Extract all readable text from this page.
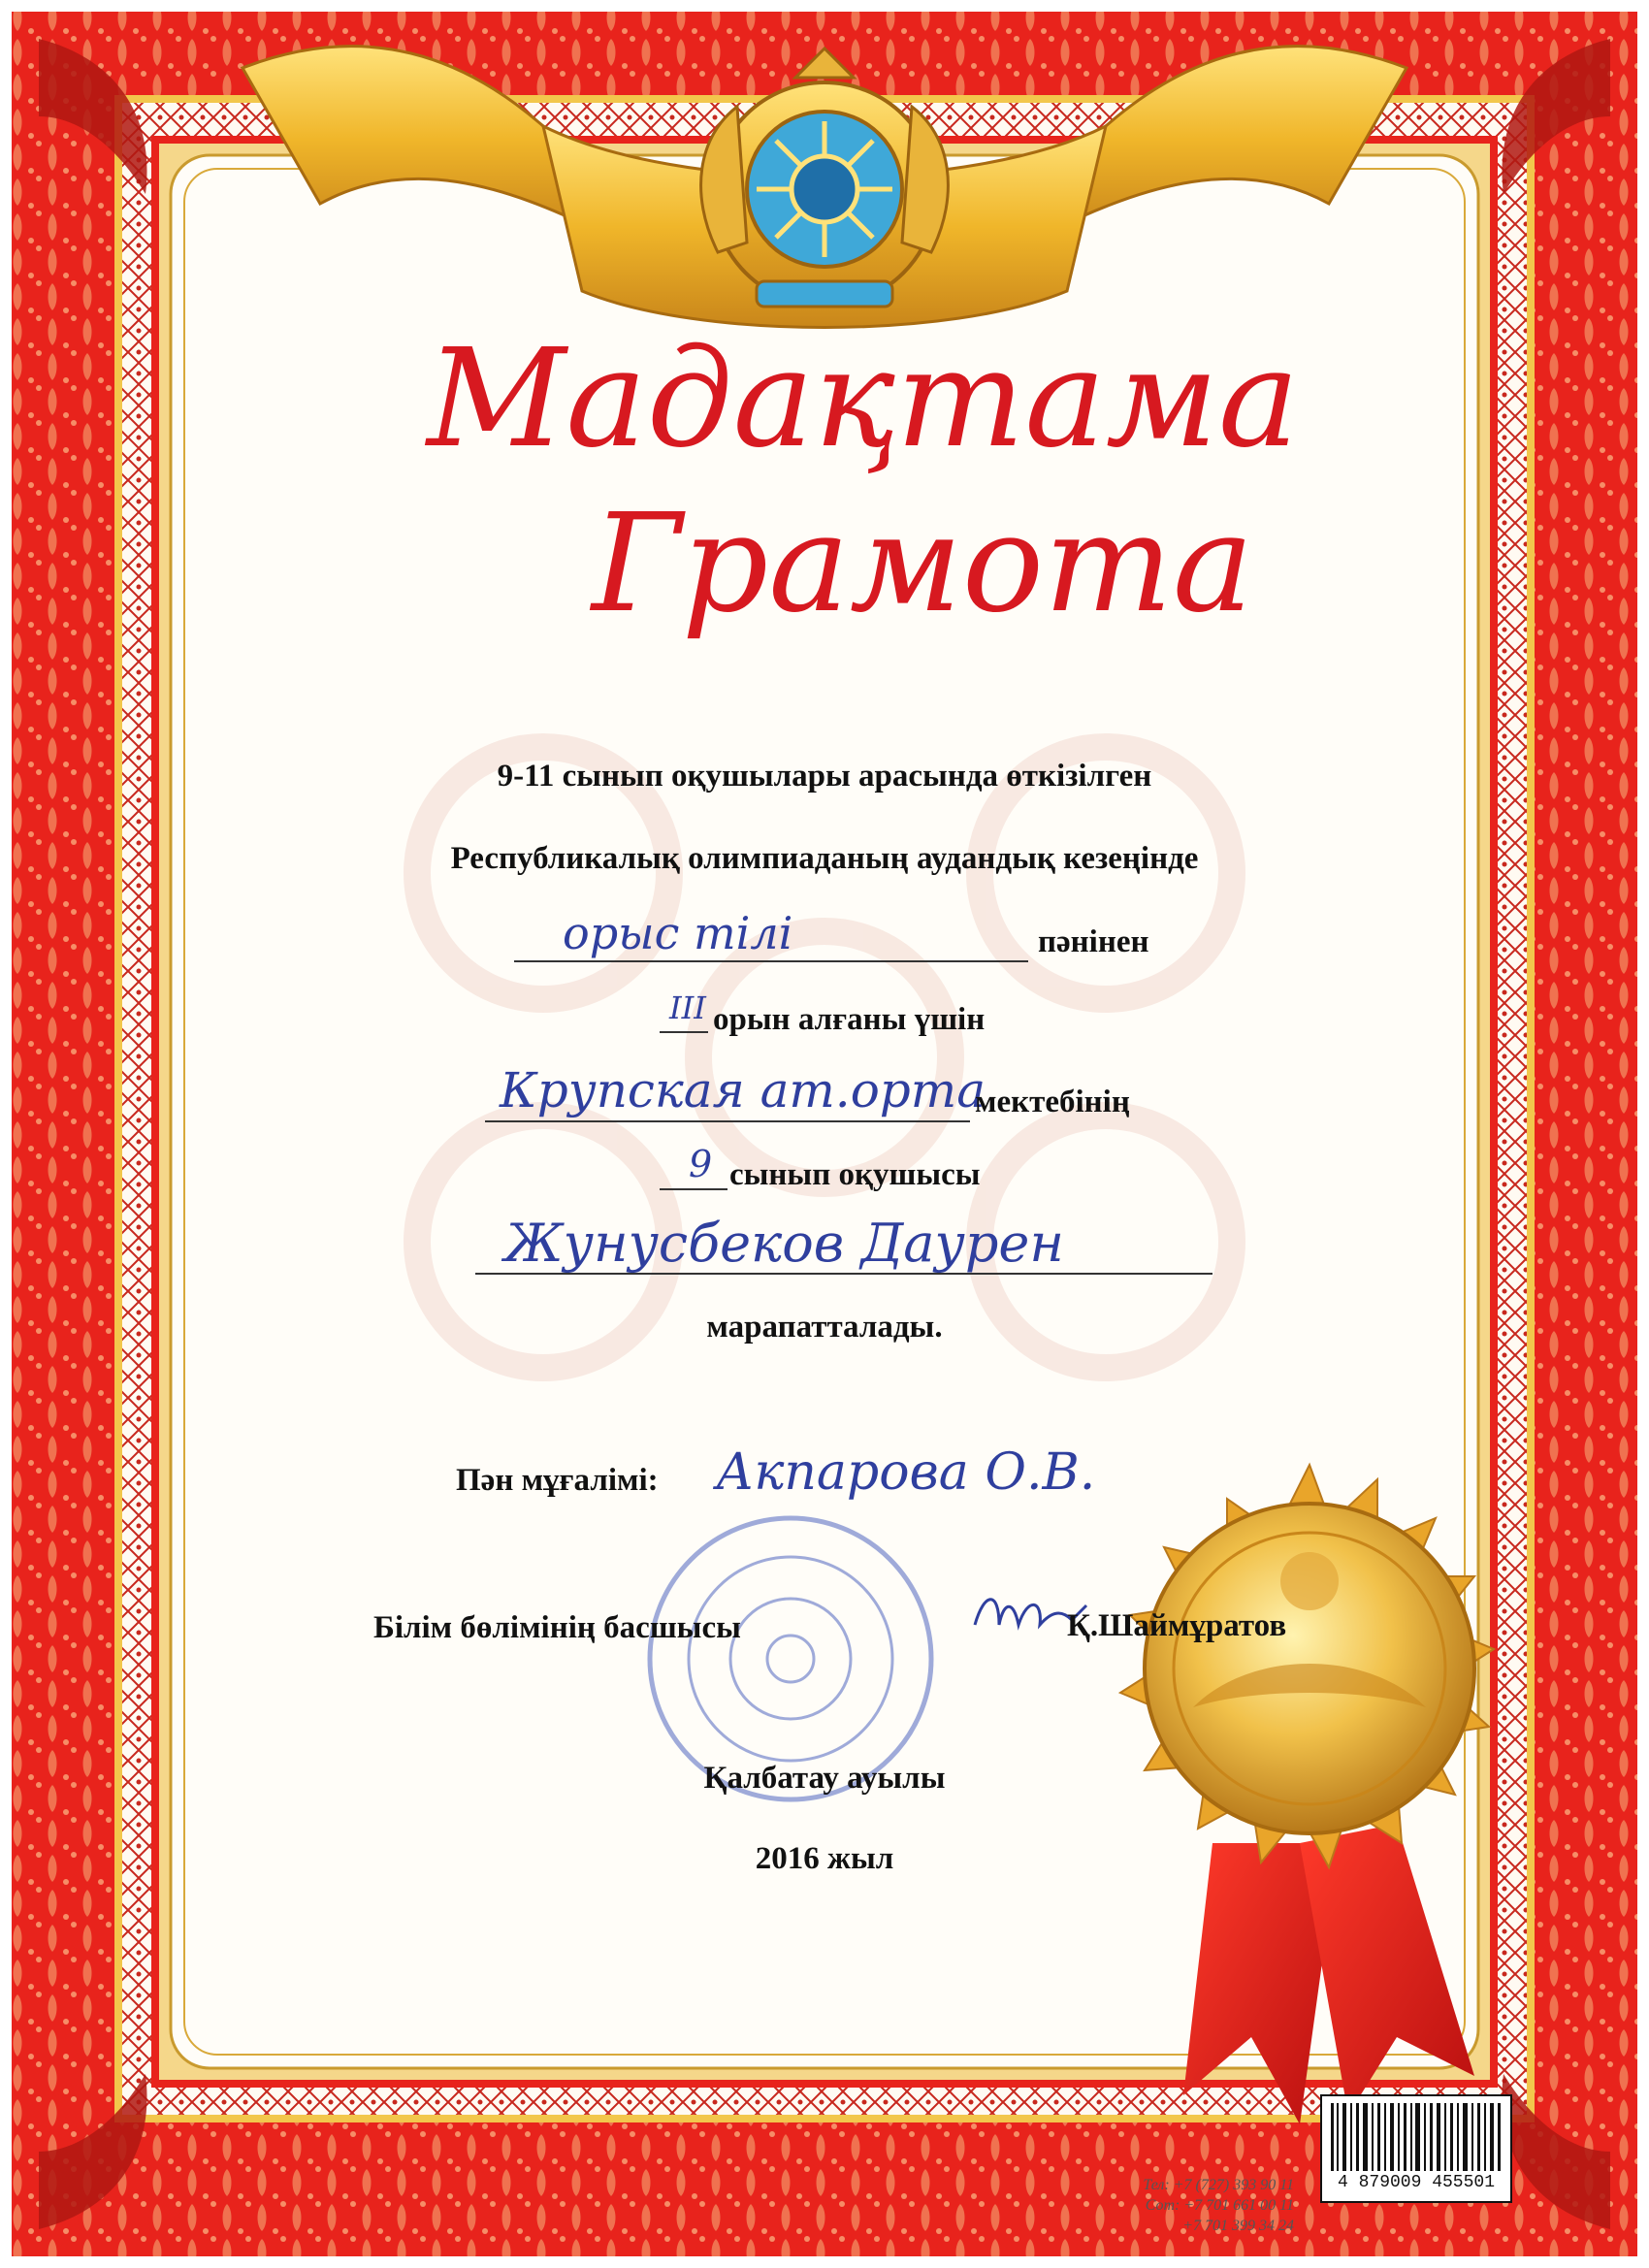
Мадақтама
Грамота
9-11 сынып оқушылары арасында өткізілген
Республикалық олимпиаданың аудандық кезеңінде
орыс тілі	пәнінен
III орын алғаны үшін
Крупская ат.орта
мектебінің
9 сынып оқушысы
Жунусбеков Даурен
марапатталады.
Пән мұғалімі: Акпарова О.В.
Білім бөлімінің басшысы	Қ.Шаймұратов
Қалбатау ауылы
2016 жыл
Тел: +7 (727) 393 90 11
Сот: +7 701 661 00 11
+7 701 399 34 24
4 879009 455501
